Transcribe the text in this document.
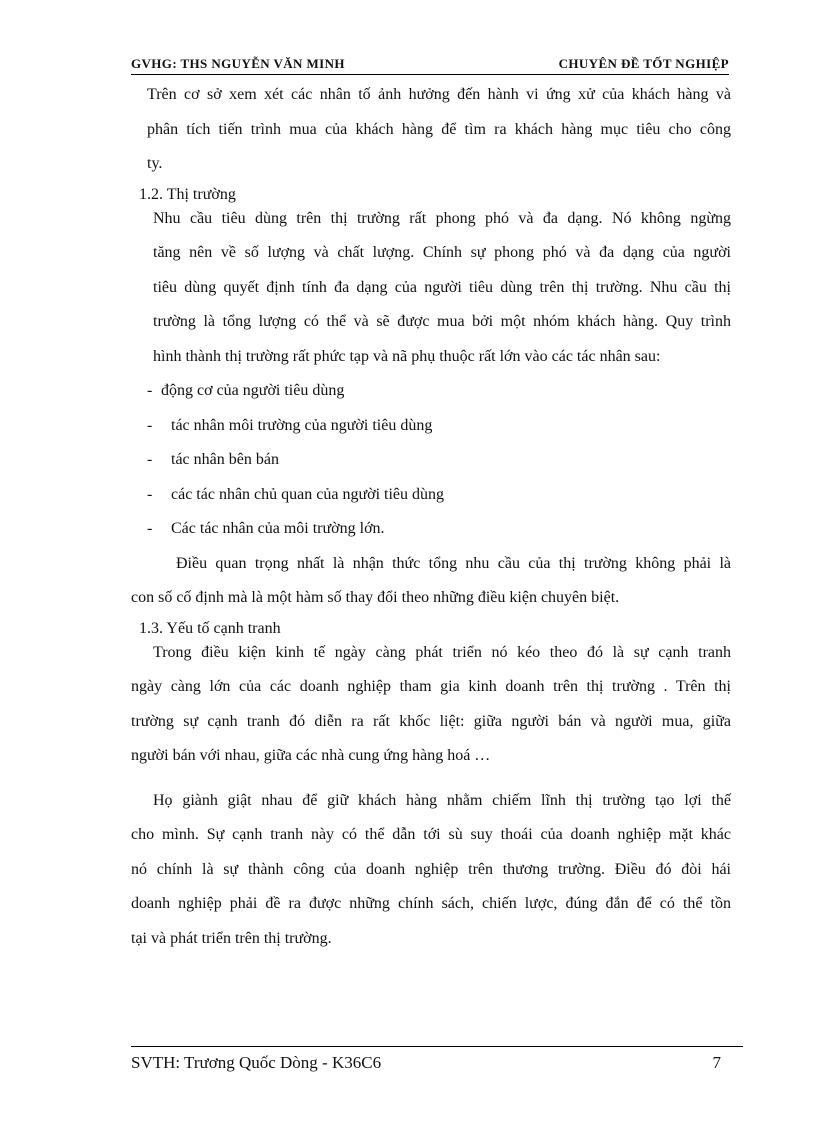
GVHG: THS NGUYỄN VĂN MINH	CHUYÊN ĐỀ TỐT NGHIỆP

Trên cơ sở xem xét các nhân tố ảnh hưởng đến hành vi ứng xử của khách hàng và

phân tích tiến trình mua của khách hàng để tìm ra khách hàng mục tiêu cho công

ty.

1.2. Thị trường

Nhu cầu tiêu dùng trên thị trường rất phong phó và đa dạng. Nó không ngừng

tăng nên về số lượng và chất lượng. Chính sự phong phó và đa dạng của người

tiêu dùng quyết định tính đa dạng của người tiêu dùng trên thị trường. Nhu cầu thị

trường là tổng lượng có thể và sẽ được mua bởi một nhóm khách hàng. Quy trình

hình thành thị trường rất phức tạp và nã phụ thuộc rất lớn vào các tác nhân sau:

- động cơ của người tiêu dùng
- tác nhân môi trường của người tiêu dùng
- tác nhân bên bán
- các tác nhân chủ quan của người tiêu dùng
- Các tác nhân của môi trường lớn.

Điều quan trọng nhất là nhận thức tổng nhu cầu của thị trường không phải là

con số cố định mà là một hàm số thay đổi theo những điều kiện chuyên biệt.

1.3. Yếu tố cạnh tranh

Trong điều kiện kinh tế ngày càng phát triển nó kéo theo đó là sự cạnh tranh

ngày càng lớn của các doanh nghiệp tham gia kinh doanh trên thị trường . Trên thị

trường sự cạnh tranh đó diễn ra rất khốc liệt: giữa người bán và người mua, giữa

người bán với nhau, giữa các nhà cung ứng hàng hoá …

Họ giành giật nhau để giữ khách hàng nhằm chiếm lĩnh thị trường tạo lợi thế

cho mình. Sự cạnh tranh này có thể dẫn tới sù suy thoái của doanh nghiệp mặt khác

nó chính là sự thành công của doanh nghiệp trên thương trường. Điều đó đòi hái

doanh nghiệp phải đề ra được những chính sách, chiến lược, đúng đắn để có thể tồn

tại và phát triển trên thị trường.

SVTH: Trương Quốc Dòng - K36C6	7
